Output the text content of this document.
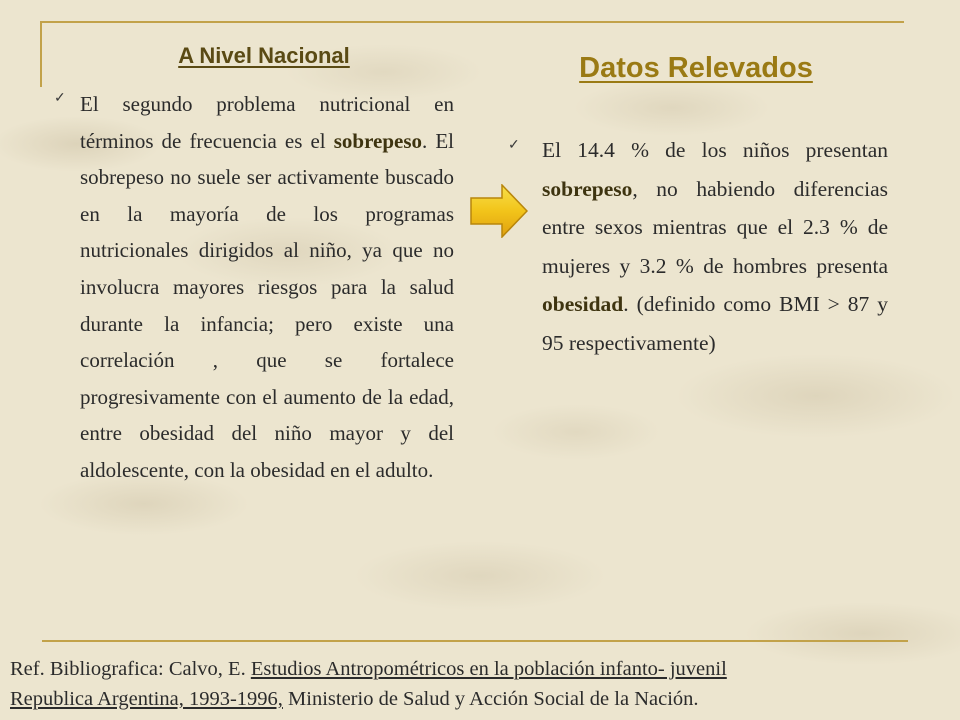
A Nivel Nacional
✓ El segundo problema nutricional en términos de frecuencia es el sobrepeso. El sobrepeso no suele ser activamente buscado en la mayoría de los programas nutricionales dirigidos al niño, ya que no involucra mayores riesgos para la salud durante la infancia; pero existe una correlación , que se fortalece progresivamente con el aumento de la edad, entre obesidad del niño mayor y del aldolescente, con la obesidad en el adulto.
Datos Relevados
✓ El 14.4 % de los niños presentan sobrepeso, no habiendo diferencias entre sexos mientras que el 2.3 % de mujeres y 3.2 % de hombres presenta obesidad. (definido como BMI > 87 y 95 respectivamente)
Ref. Bibliografica: Calvo, E. Estudios Antropométricos en la población infanto- juvenil
Republica Argentina, 1993-1996, Ministerio de Salud y Acción Social de la Nación.
